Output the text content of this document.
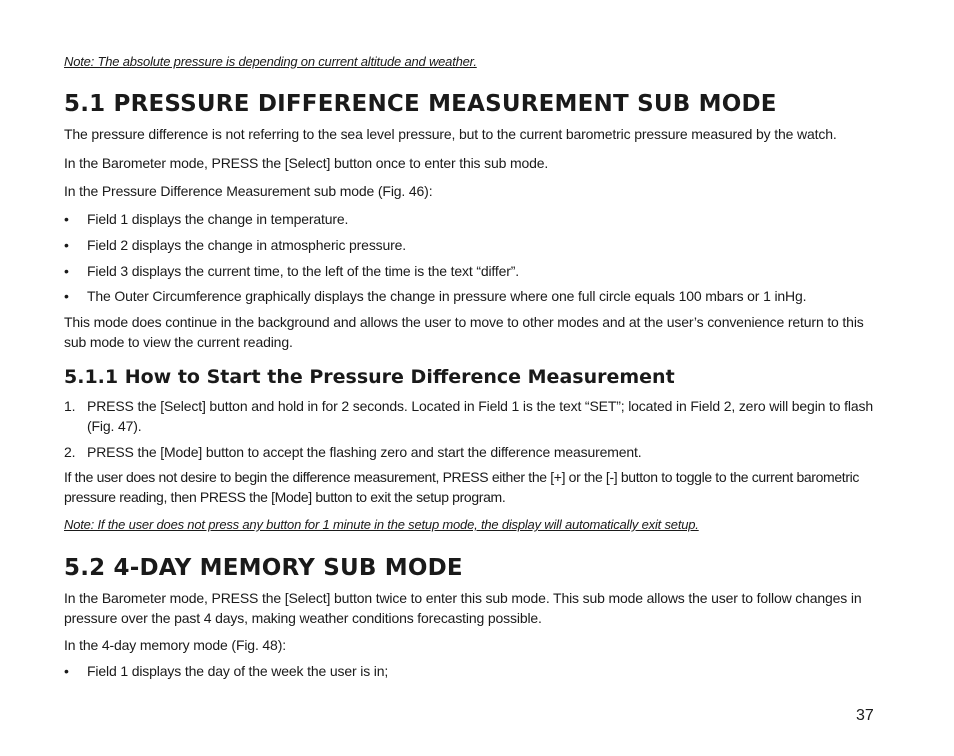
Note: The absolute pressure is depending on current altitude and weather.

5.1 PRESSURE DIFFERENCE MEASUREMENT SUB MODE

The pressure difference is not referring to the sea level pressure, but to the current barometric pressure measured by the watch.

In the Barometer mode, PRESS the [Select] button once to enter this sub mode.

In the Pressure Difference Measurement sub mode (Fig. 46):

•	Field 1 displays the change in temperature.
•	Field 2 displays the change in atmospheric pressure.
•	Field 3 displays the current time, to the left of the time is the text “differ”.
•	The Outer Circumference graphically displays the change in pressure where one full circle equals 100 mbars or 1 inHg.

This mode does continue in the background and allows the user to move to other modes and at the user’s convenience return to this sub mode to view the current reading.

5.1.1 How to Start the Pressure Difference Measurement
1. PRESS the [Select] button and hold in for 2 seconds. Located in Field 1 is the text “SET”; located in Field 2, zero will begin to flash (Fig. 47).
2. PRESS the [Mode] button to accept the flashing zero and start the difference measurement.

If the user does not desire to begin the difference measurement, PRESS either the [+] or the [-] button to toggle to the current barometric pressure reading, then PRESS the [Mode] button to exit the setup program.

Note: If the user does not press any button for 1 minute in the setup mode, the display will automatically exit setup.

5.2 4-DAY MEMORY SUB MODE

In the Barometer mode, PRESS the [Select] button twice to enter this sub mode. This sub mode allows the user to follow changes in pressure over the past 4 days, making weather conditions forecasting possible.

In the 4-day memory mode (Fig. 48):

•	Field 1 displays the day of the week the user is in;
37
